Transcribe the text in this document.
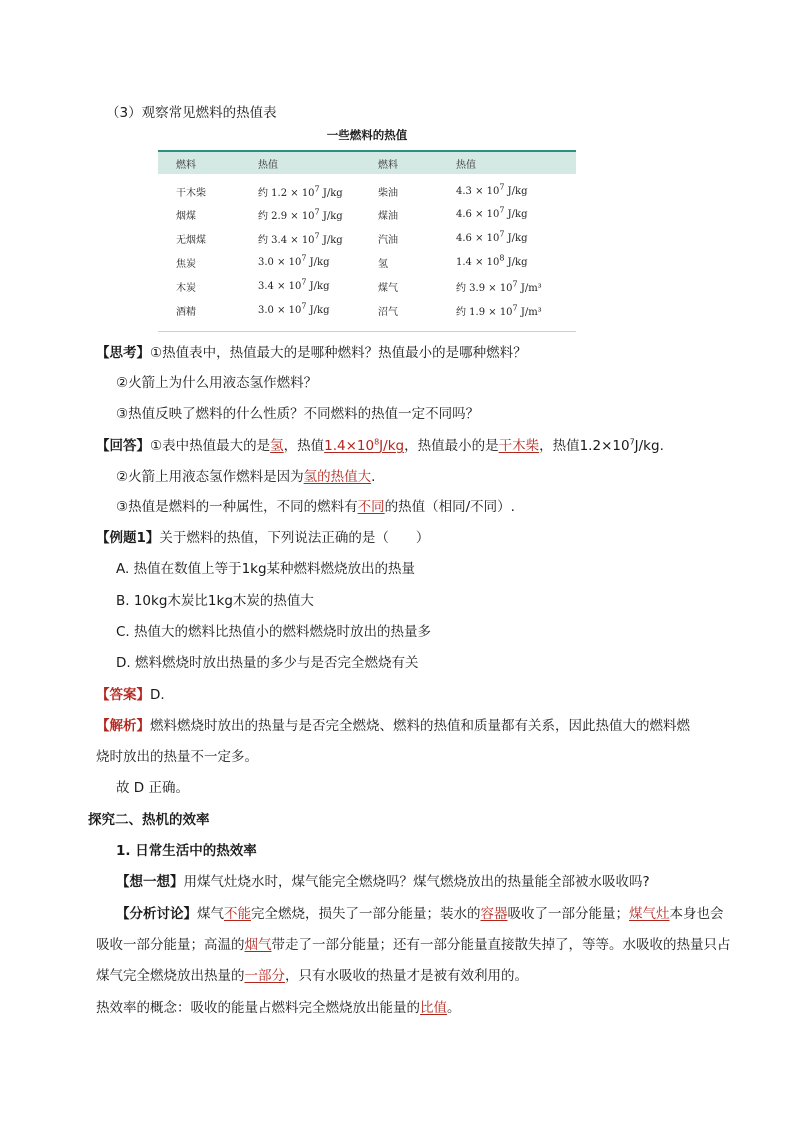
（3）观察常见燃料的热值表
一些燃料的热值
燃料	热值	燃料	热值
干木柴	约 $1.2 \times 10^7$ J/kg	柴油	$4.3 \times 10^7$ J/kg
烟煤	约 $2.9 \times 10^7$ J/kg	煤油	$4.6 \times 10^7$ J/kg
无烟煤	约 $3.4 \times 10^7$ J/kg	汽油	$4.6 \times 10^7$ J/kg
焦炭	$3.0 \times 10^7$ J/kg	氢	$1.4 \times 10^8$ J/kg
木炭	$3.4 \times 10^7$ J/kg	煤气	约 $3.9 \times 10^7$ J/m³
酒精	$3.0 \times 10^7$ J/kg	沼气	约 $1.9 \times 10^7$ J/m³
【思考】①热值表中，热值最大的是哪种燃料？热值最小的是哪种燃料？
②火箭上为什么用液态氢作燃料？
③热值反映了燃料的什么性质？不同燃料的热值一定不同吗？
【回答】①表中热值最大的是氢，热值$1.4\times 10^8J/kg$，热值最小的是干木柴，热值$1.2\times 10^7J/kg$.
②火箭上用液态氢作燃料是因为氢的热值大.
③热值是燃料的一种属性，不同的燃料有不同的热值（相同/不同）.
【例题1】关于燃料的热值，下列说法正确的是（　　）
A. 热值在数值上等于1kg某种燃料燃烧放出的热量
B. 10kg木炭比1kg木炭的热值大
C. 热值大的燃料比热值小的燃料燃烧时放出的热量多
D. 燃料燃烧时放出热量的多少与是否完全燃烧有关
【答案】D.
【解析】燃料燃烧时放出的热量与是否完全燃烧、燃料的热值和质量都有关系，因此热值大的燃料燃
烧时放出的热量不一定多。
故 D 正确。
探究二、热机的效率
1. 日常生活中的热效率
【想一想】用煤气灶烧水时，煤气能完全燃烧吗？煤气燃烧放出的热量能全部被水吸收吗?
【分析讨论】煤气不能完全燃烧，损失了一部分能量；装水的容器吸收了一部分能量；煤气灶本身也会
吸收一部分能量；高温的烟气带走了一部分能量；还有一部分能量直接散失掉了，等等。水吸收的热量只占
煤气完全燃烧放出热量的一部分，只有水吸收的热量才是被有效利用的。
热效率的概念：吸收的能量占燃料完全燃烧放出能量的比值。
